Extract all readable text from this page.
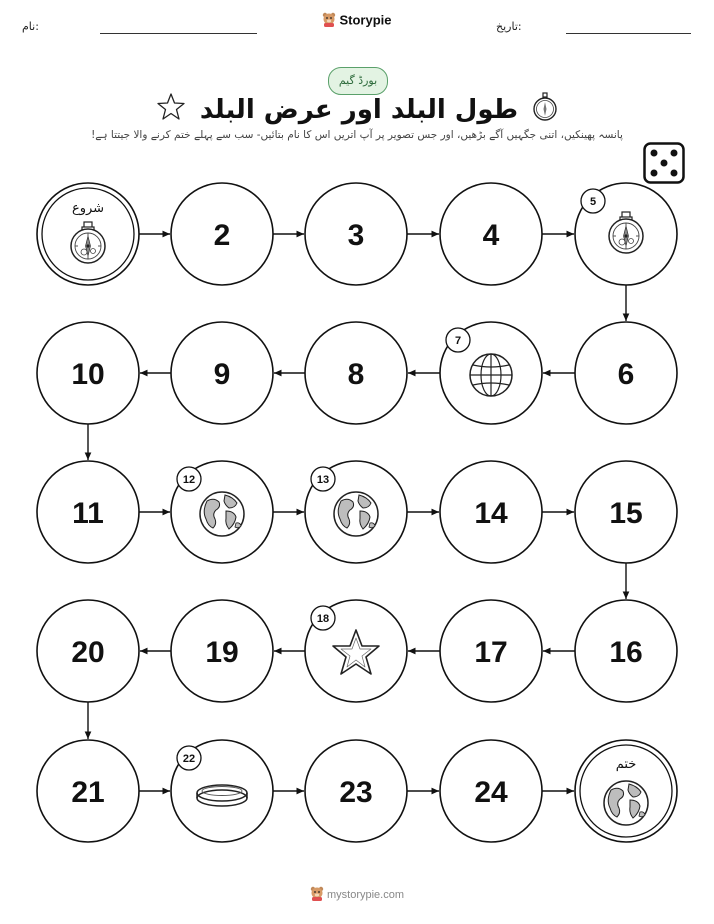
نام:	تاریخ:
Storypie
بورڈ گیم
طول البلد اور عرض البلد
پانسہ پھینکیں، اتنی جگہیں آگے بڑھیں، اور جس تصویر پر آپ اتریں اس کا نام بتائیں- سب سے پہلے ختم کرنے والا جیتتا ہے!
شروع
2	3	4
5
6
7
8
9
10
11
12	13
14	15
16
17
18
19
20
21
22
23	24
ختم
mystorypie.com
